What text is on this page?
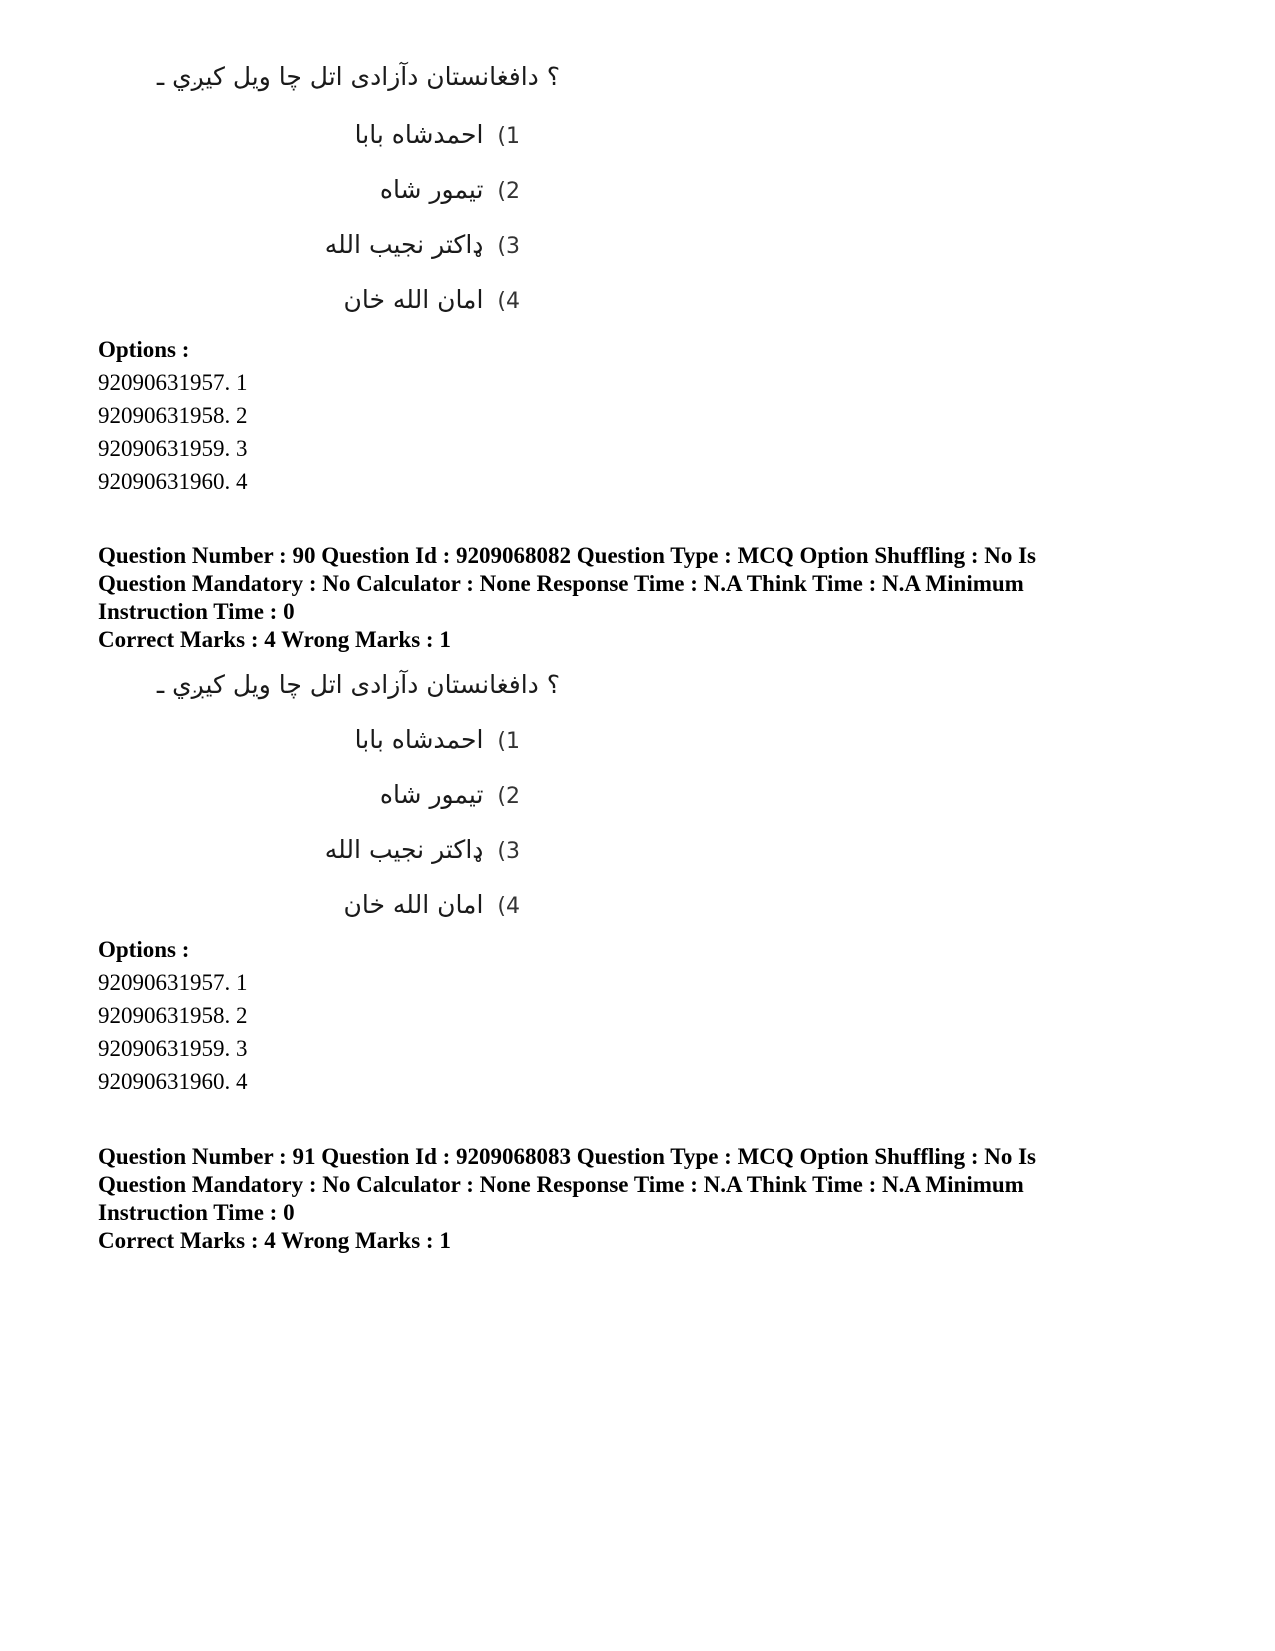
؟ دافغانستان دآزادی اتل چا ویل کیږي ـ
1)احمدشاه بابا
2)تیمور شاه
3)ډاکتر نجیب الله
4)امان الله خان
Options :
92090631957. 1
92090631958. 2
92090631959. 3
92090631960. 4
Question Number : 90 Question Id : 9209068082 Question Type : MCQ Option Shuffling : No Is
Question Mandatory : No Calculator : None Response Time : N.A Think Time : N.A Minimum
Instruction Time : 0
Correct Marks : 4 Wrong Marks : 1
؟ دافغانستان دآزادی اتل چا ویل کیږي ـ
1)احمدشاه بابا
2)تیمور شاه
3)ډاکتر نجیب الله
4)امان الله خان
Options :
92090631957. 1
92090631958. 2
92090631959. 3
92090631960. 4
Question Number : 91 Question Id : 9209068083 Question Type : MCQ Option Shuffling : No Is
Question Mandatory : No Calculator : None Response Time : N.A Think Time : N.A Minimum
Instruction Time : 0
Correct Marks : 4 Wrong Marks : 1
